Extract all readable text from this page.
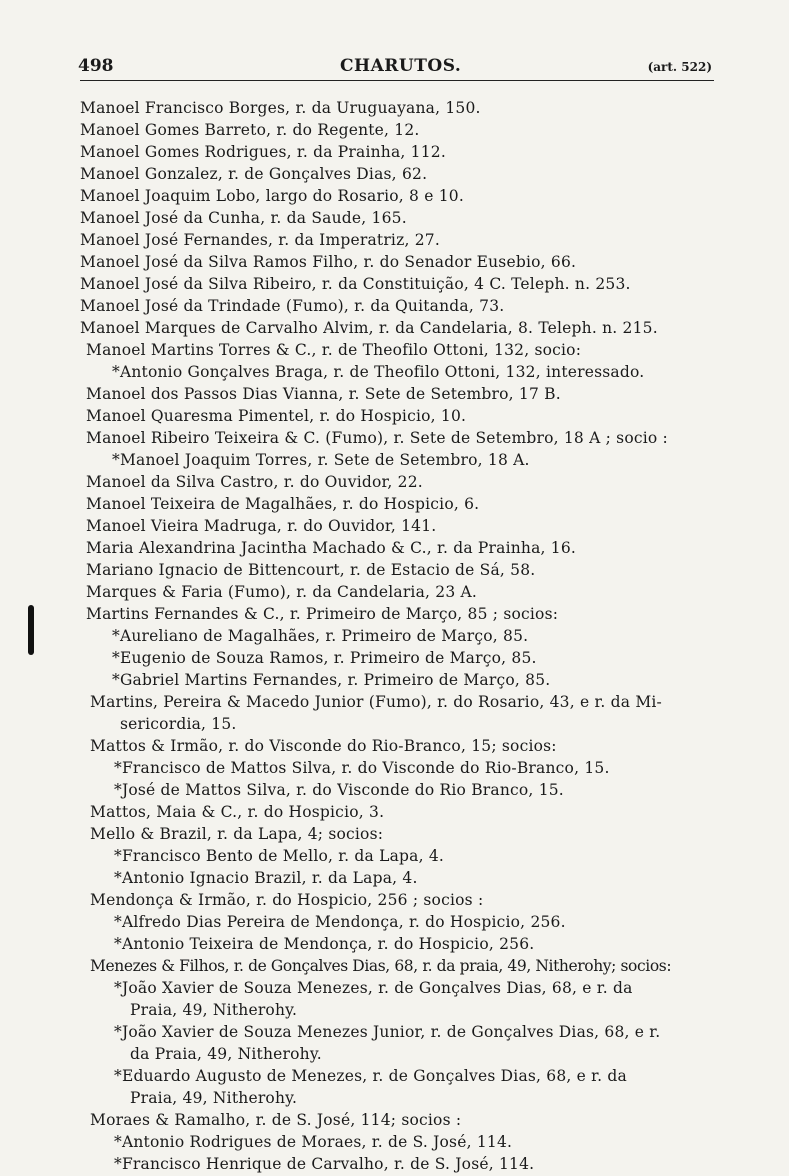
498	CHARUTOS.	(art. 522)
Manoel Francisco Borges, r. da Uruguayana, 150.
Manoel Gomes Barreto, r. do Regente, 12.
Manoel Gomes Rodrigues, r. da Prainha, 112.
Manoel Gonzalez, r. de Gonçalves Dias, 62.
Manoel Joaquim Lobo, largo do Rosario, 8 e 10.
Manoel José da Cunha, r. da Saude, 165.
Manoel José Fernandes, r. da Imperatriz, 27.
Manoel José da Silva Ramos Filho, r. do Senador Eusebio, 66.
Manoel José da Silva Ribeiro, r. da Constituição, 4 C. Teleph. n. 253.
Manoel José da Trindade (Fumo), r. da Quitanda, 73.
Manoel Marques de Carvalho Alvim, r. da Candelaria, 8. Teleph. n. 215.
Manoel Martins Torres & C., r. de Theofilo Ottoni, 132, socio:
*Antonio Gonçalves Braga, r. de Theofilo Ottoni, 132, interessado.
Manoel dos Passos Dias Vianna, r. Sete de Setembro, 17 B.
Manoel Quaresma Pimentel, r. do Hospicio, 10.
Manoel Ribeiro Teixeira & C. (Fumo), r. Sete de Setembro, 18 A ; socio :
*Manoel Joaquim Torres, r. Sete de Setembro, 18 A.
Manoel da Silva Castro, r. do Ouvidor, 22.
Manoel Teixeira de Magalhães, r. do Hospicio, 6.
Manoel Vieira Madruga, r. do Ouvidor, 141.
Maria Alexandrina Jacintha Machado & C., r. da Prainha, 16.
Mariano Ignacio de Bittencourt, r. de Estacio de Sá, 58.
Marques & Faria (Fumo), r. da Candelaria, 23 A.
Martins Fernandes & C., r. Primeiro de Março, 85 ; socios:
*Aureliano de Magalhães, r. Primeiro de Março, 85.
*Eugenio de Souza Ramos, r. Primeiro de Março, 85.
*Gabriel Martins Fernandes, r. Primeiro de Março, 85.
Martins, Pereira & Macedo Junior (Fumo), r. do Rosario, 43, e r. da Mi-
sericordia, 15.
Mattos & Irmão, r. do Visconde do Rio-Branco, 15; socios:
*Francisco de Mattos Silva, r. do Visconde do Rio-Branco, 15.
*José de Mattos Silva, r. do Visconde do Rio Branco, 15.
Mattos, Maia & C., r. do Hospicio, 3.
Mello & Brazil, r. da Lapa, 4; socios:
*Francisco Bento de Mello, r. da Lapa, 4.
*Antonio Ignacio Brazil, r. da Lapa, 4.
Mendonça & Irmão, r. do Hospicio, 256 ; socios :
*Alfredo Dias Pereira de Mendonça, r. do Hospicio, 256.
*Antonio Teixeira de Mendonça, r. do Hospicio, 256.
Menezes & Filhos, r. de Gonçalves Dias, 68, r. da praia, 49, Nitherohy; socios:
*João Xavier de Souza Menezes, r. de Gonçalves Dias, 68, e r. da
Praia, 49, Nitherohy.
*João Xavier de Souza Menezes Junior, r. de Gonçalves Dias, 68, e r.
da Praia, 49, Nitherohy.
*Eduardo Augusto de Menezes, r. de Gonçalves Dias, 68, e r. da
Praia, 49, Nitherohy.
Moraes & Ramalho, r. de S. José, 114; socios :
*Antonio Rodrigues de Moraes, r. de S. José, 114.
*Francisco Henrique de Carvalho, r. de S. José, 114.
